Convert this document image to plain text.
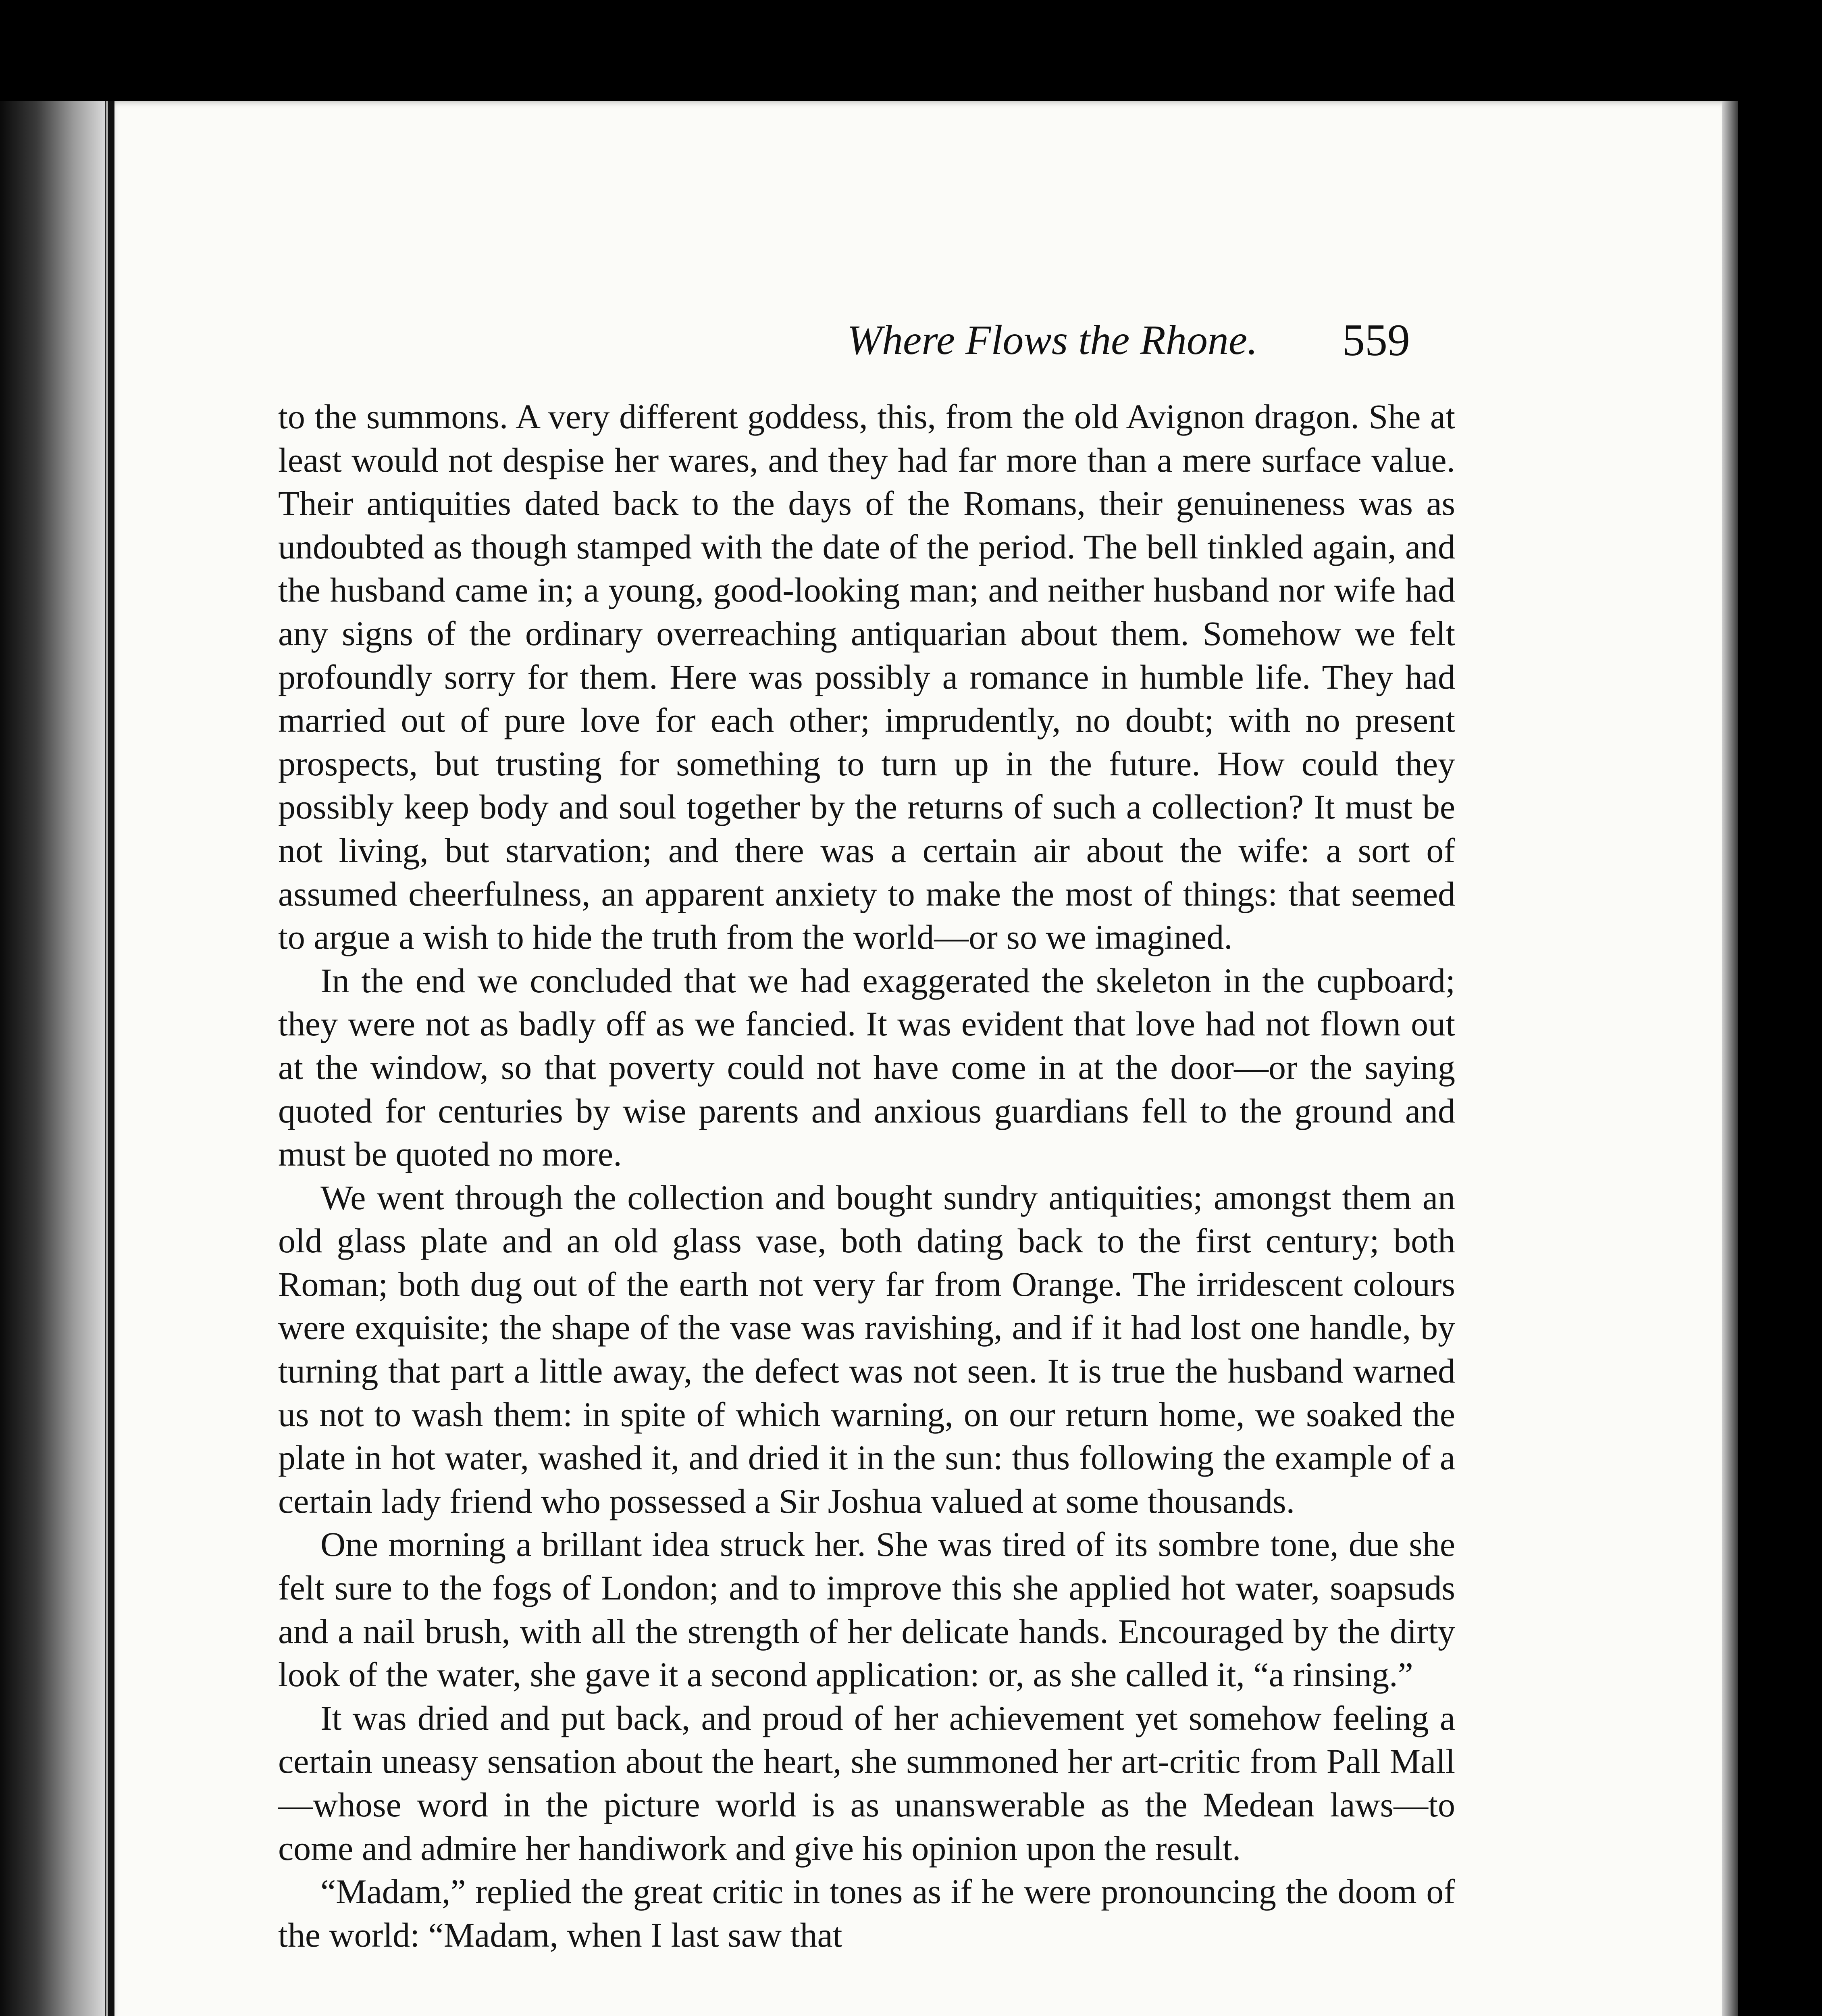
Where Flows the Rhone. 559

to the summons. A very different goddess, this, from the old Avignon dragon. She at least would not despise her wares, and they had far more than a mere surface value. Their antiquities dated back to the days of the Romans, their genuineness was as undoubted as though stamped with the date of the period. The bell tinkled again, and the husband came in; a young, good-looking man; and neither husband nor wife had any signs of the ordinary overreaching antiquarian about them. Somehow we felt profoundly sorry for them. Here was possibly a romance in humble life. They had married out of pure love for each other; imprudently, no doubt; with no present prospects, but trusting for something to turn up in the future. How could they possibly keep body and soul together by the returns of such a collection? It must be not living, but starvation; and there was a certain air about the wife: a sort of assumed cheerfulness, an apparent anxiety to make the most of things: that seemed to argue a wish to hide the truth from the world—or so we imagined.

In the end we concluded that we had exaggerated the skeleton in the cupboard; they were not as badly off as we fancied. It was evident that love had not flown out at the window, so that poverty could not have come in at the door—or the saying quoted for centuries by wise parents and anxious guardians fell to the ground and must be quoted no more.

We went through the collection and bought sundry antiquities; amongst them an old glass plate and an old glass vase, both dating back to the first century; both Roman; both dug out of the earth not very far from Orange. The irridescent colours were exquisite; the shape of the vase was ravishing, and if it had lost one handle, by turning that part a little away, the defect was not seen. It is true the husband warned us not to wash them: in spite of which warning, on our return home, we soaked the plate in hot water, washed it, and dried it in the sun: thus following the example of a certain lady friend who possessed a Sir Joshua valued at some thousands.

One morning a brillant idea struck her. She was tired of its sombre tone, due she felt sure to the fogs of London; and to improve this she applied hot water, soapsuds and a nail brush, with all the strength of her delicate hands. Encouraged by the dirty look of the water, she gave it a second application: or, as she called it, “a rinsing.”

It was dried and put back, and proud of her achievement yet somehow feeling a certain uneasy sensation about the heart, she summoned her art-critic from Pall Mall—whose word in the picture world is as unanswerable as the Medean laws—to come and admire her handiwork and give his opinion upon the result.

“Madam,” replied the great critic in tones as if he were pronouncing the doom of the world: “Madam, when I last saw that
